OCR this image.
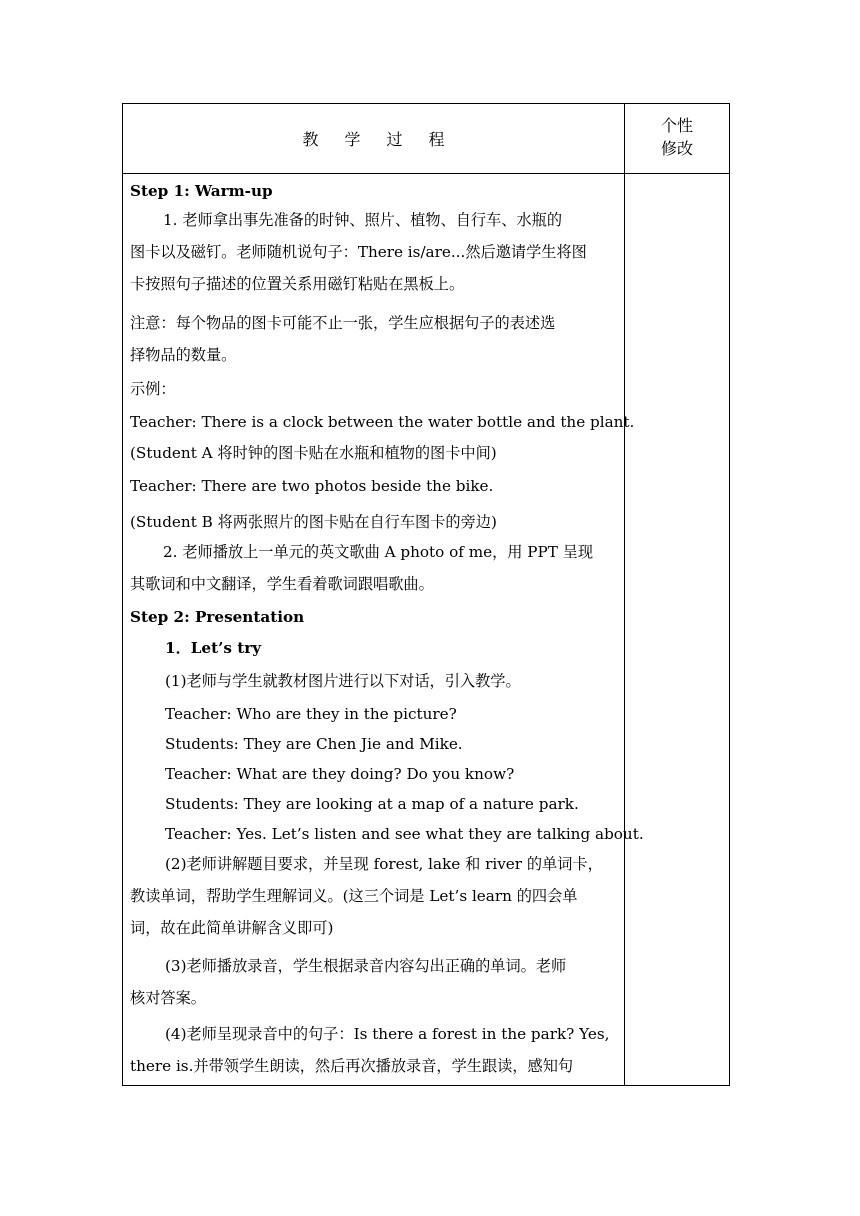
教学过程
个性
修改
Step 1: Warm-up
1. 老师拿出事先准备的时钟、照片、植物、自行车、水瓶的
图卡以及磁钉。老师随机说句子：There is/are...然后邀请学生将图
卡按照句子描述的位置关系用磁钉粘贴在黑板上。
注意：每个物品的图卡可能不止一张，学生应根据句子的表述选
择物品的数量。
示例：
Teacher: There is a clock between the water bottle and the plant.
(Student A 将时钟的图卡贴在水瓶和植物的图卡中间)
Teacher: There are two photos beside the bike.
(Student B 将两张照片的图卡贴在自行车图卡的旁边)
2. 老师播放上一单元的英文歌曲 A photo of me，用 PPT 呈现
其歌词和中文翻译，学生看着歌词跟唱歌曲。
Step 2: Presentation
1．Let’s try
(1)老师与学生就教材图片进行以下对话，引入教学。
Teacher: Who are they in the picture?
Students: They are Chen Jie and Mike.
Teacher: What are they doing? Do you know?
Students: They are looking at a map of a nature park.
Teacher: Yes. Let’s listen and see what they are talking about.
(2)老师讲解题目要求，并呈现 forest, lake 和 river 的单词卡，
教读单词，帮助学生理解词义。(这三个词是 Let’s learn 的四会单
词，故在此简单讲解含义即可)
(3)老师播放录音，学生根据录音内容勾出正确的单词。老师
核对答案。
(4)老师呈现录音中的句子：Is there a forest in the park? Yes,
there is.并带领学生朗读，然后再次播放录音，学生跟读，感知句
